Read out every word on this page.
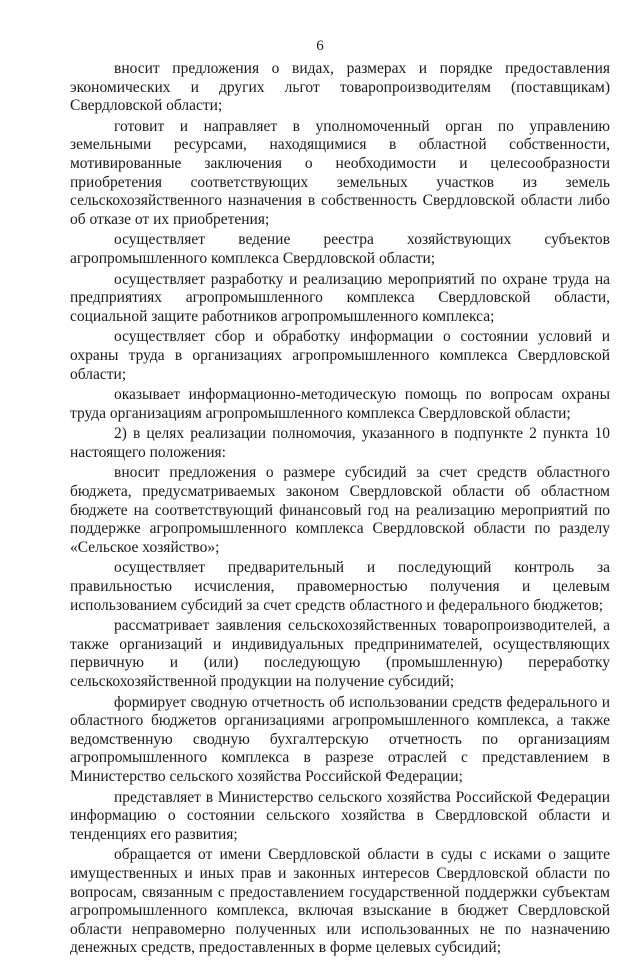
6

вносит предложения о видах, размерах и порядке предоставления экономических и других льгот товаропроизводителям (поставщикам) Свердловской области;

готовит и направляет в уполномоченный орган по управлению земельными ресурсами, находящимися в областной собственности, мотивированные заключения о необходимости и целесообразности приобретения соответствующих земельных участков из земель сельскохозяйственного назначения в собственность Свердловской области либо об отказе от их приобретения;

осуществляет ведение реестра хозяйствующих субъектов агропромышленного комплекса Свердловской области;

осуществляет разработку и реализацию мероприятий по охране труда на предприятиях агропромышленного комплекса Свердловской области, социальной защите работников агропромышленного комплекса;

осуществляет сбор и обработку информации о состоянии условий и охраны труда в организациях агропромышленного комплекса Свердловской области;

оказывает информационно-методическую помощь по вопросам охраны труда организациям агропромышленного комплекса Свердловской области;

2) в целях реализации полномочия, указанного в подпункте 2 пункта 10 настоящего положения:

вносит предложения о размере субсидий за счет средств областного бюджета, предусматриваемых законом Свердловской области об областном бюджете на соответствующий финансовый год на реализацию мероприятий по поддержке агропромышленного комплекса Свердловской области по разделу «Сельское хозяйство»;

осуществляет предварительный и последующий контроль за правильностью исчисления, правомерностью получения и целевым использованием субсидий за счет средств областного и федерального бюджетов;

рассматривает заявления сельскохозяйственных товаропроизводителей, а также организаций и индивидуальных предпринимателей, осуществляющих первичную и (или) последующую (промышленную) переработку сельскохозяйственной продукции на получение субсидий;

формирует сводную отчетность об использовании средств федерального и областного бюджетов организациями агропромышленного комплекса, а также ведомственную сводную бухгалтерскую отчетность по организациям агропромышленного комплекса в разрезе отраслей с представлением в Министерство сельского хозяйства Российской Федерации;

представляет в Министерство сельского хозяйства Российской Федерации информацию о состоянии сельского хозяйства в Свердловской области и тенденциях его развития;

обращается от имени Свердловской области в суды с исками о защите имущественных и иных прав и законных интересов Свердловской области по вопросам, связанным с предоставлением государственной поддержки субъектам агропромышленного комплекса, включая взыскание в бюджет Свердловской области неправомерно полученных или использованных не по назначению денежных средств, предоставленных в форме целевых субсидий;
